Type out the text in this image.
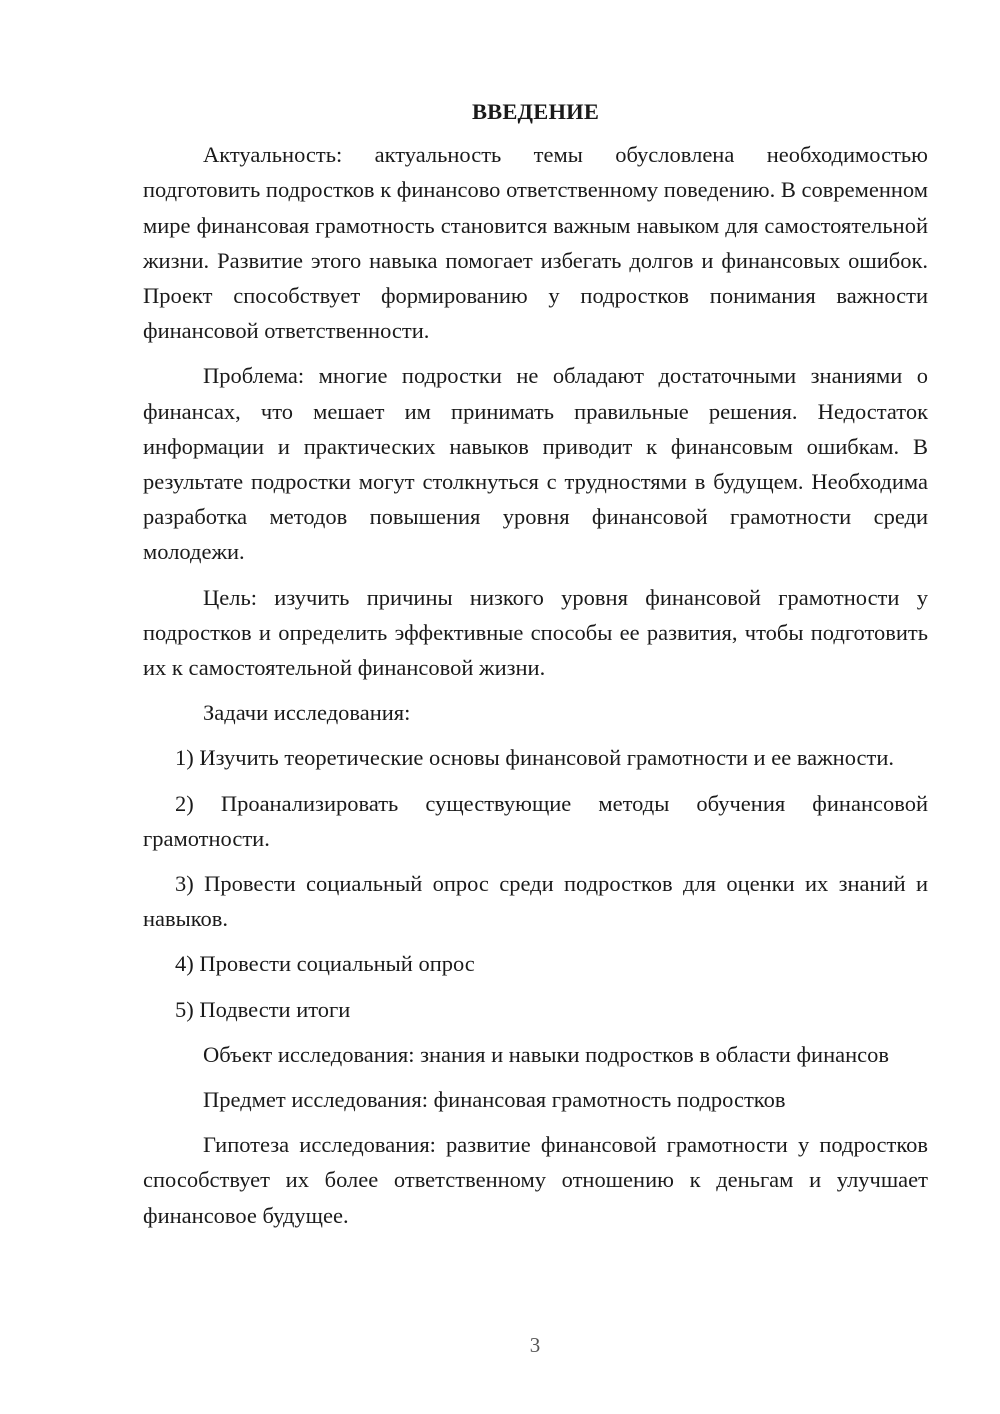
ВВЕДЕНИЕ

Актуальность: актуальность темы обусловлена необходимостью подготовить подростков к финансово ответственному поведению. В современном мире финансовая грамотность становится важным навыком для самостоятельной жизни. Развитие этого навыка помогает избегать долгов и финансовых ошибок. Проект способствует формированию у подростков понимания важности финансовой ответственности.

Проблема: многие подростки не обладают достаточными знаниями о финансах, что мешает им принимать правильные решения. Недостаток информации и практических навыков приводит к финансовым ошибкам. В результате подростки могут столкнуться с трудностями в будущем. Необходима разработка методов повышения уровня финансовой грамотности среди молодежи.

Цель: изучить причины низкого уровня финансовой грамотности у подростков и определить эффективные способы ее развития, чтобы подготовить их к самостоятельной финансовой жизни.

Задачи исследования:

1) Изучить теоретические основы финансовой грамотности и ее важности.

2) Проанализировать существующие методы обучения финансовой грамотности.

3) Провести социальный опрос среди подростков для оценки их знаний и навыков.

4) Провести социальный опрос

5) Подвести итоги

Объект исследования: знания и навыки подростков в области финансов

Предмет исследования: финансовая грамотность подростков

Гипотеза исследования: развитие финансовой грамотности у подростков способствует их более ответственному отношению к деньгам и улучшает финансовое будущее.

3
